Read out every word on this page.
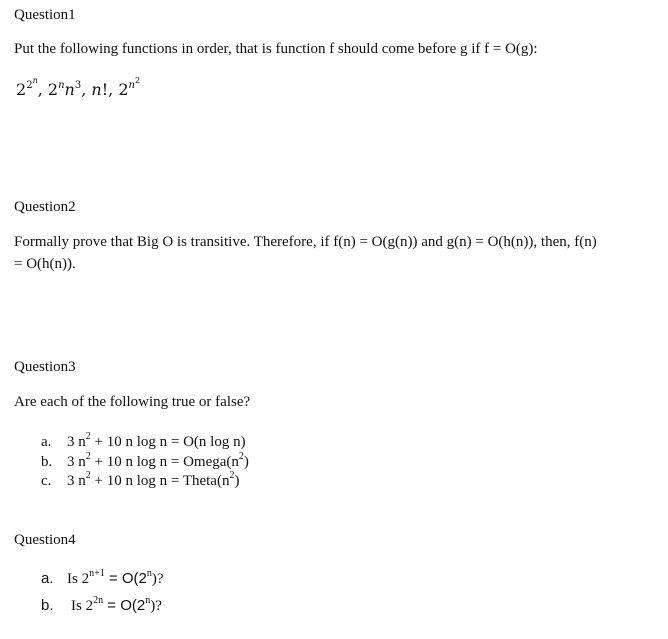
Question1
Put the following functions in order, that is function f should come before g if f = O(g):
$2^{2^n}$, $2^nn^3$, n!, $2^{n^2}$
Question2
Formally prove that Big O is transitive. Therefore, if f(n) = O(g(n)) and g(n) = O(h(n)), then, f(n)
= O(h(n)).
Question3
Are each of the following true or false?
a. 3 $n^2 + 10$ n log n = O(n log n)
b. 3 $n^2 + 10$ n $\log n = Omega(n^2)$
c. 3 $n^2 + 10$ n $\log n = Theta(n^2)$
Question4
a. Is $2^{n+1} = O(2^n)$?
b. Is $2^{2n} = O(2^n)$?
